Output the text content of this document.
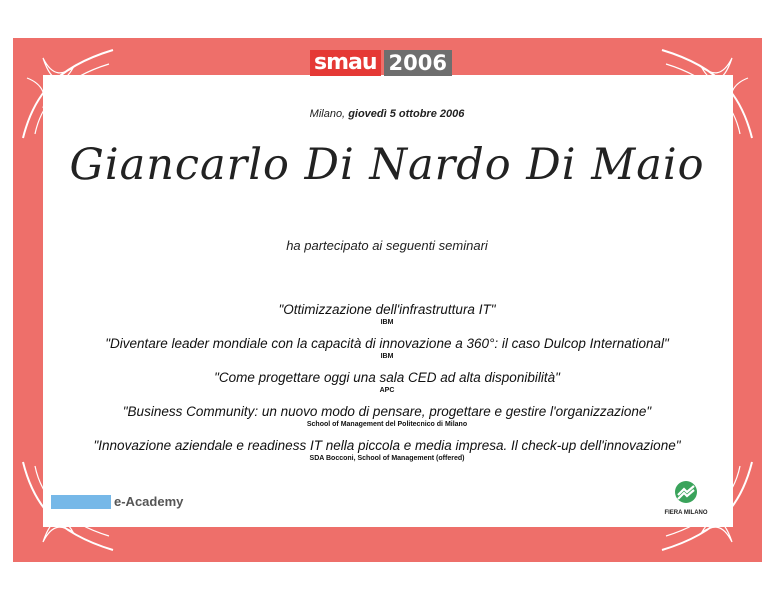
smau 2006
Milano, giovedì 5 ottobre 2006
Giancarlo Di Nardo Di Maio
ha partecipato ai seguenti seminari
"Ottimizzazione dell'infrastruttura IT"
IBM
"Diventare leader mondiale con la capacità di innovazione a 360°: il caso Dulcop International"
IBM
"Come progettare oggi una sala CED ad alta disponibilità"
APC
"Business Community: un nuovo modo di pensare, progettare e gestire l'organizzazione"
School of Management del Politecnico di Milano
"Innovazione aziendale e readiness IT nella piccola e media impresa. Il check-up dell'innovazione"
SDA Bocconi, School of Management (offered)
e-Academy
FIERA MILANO
